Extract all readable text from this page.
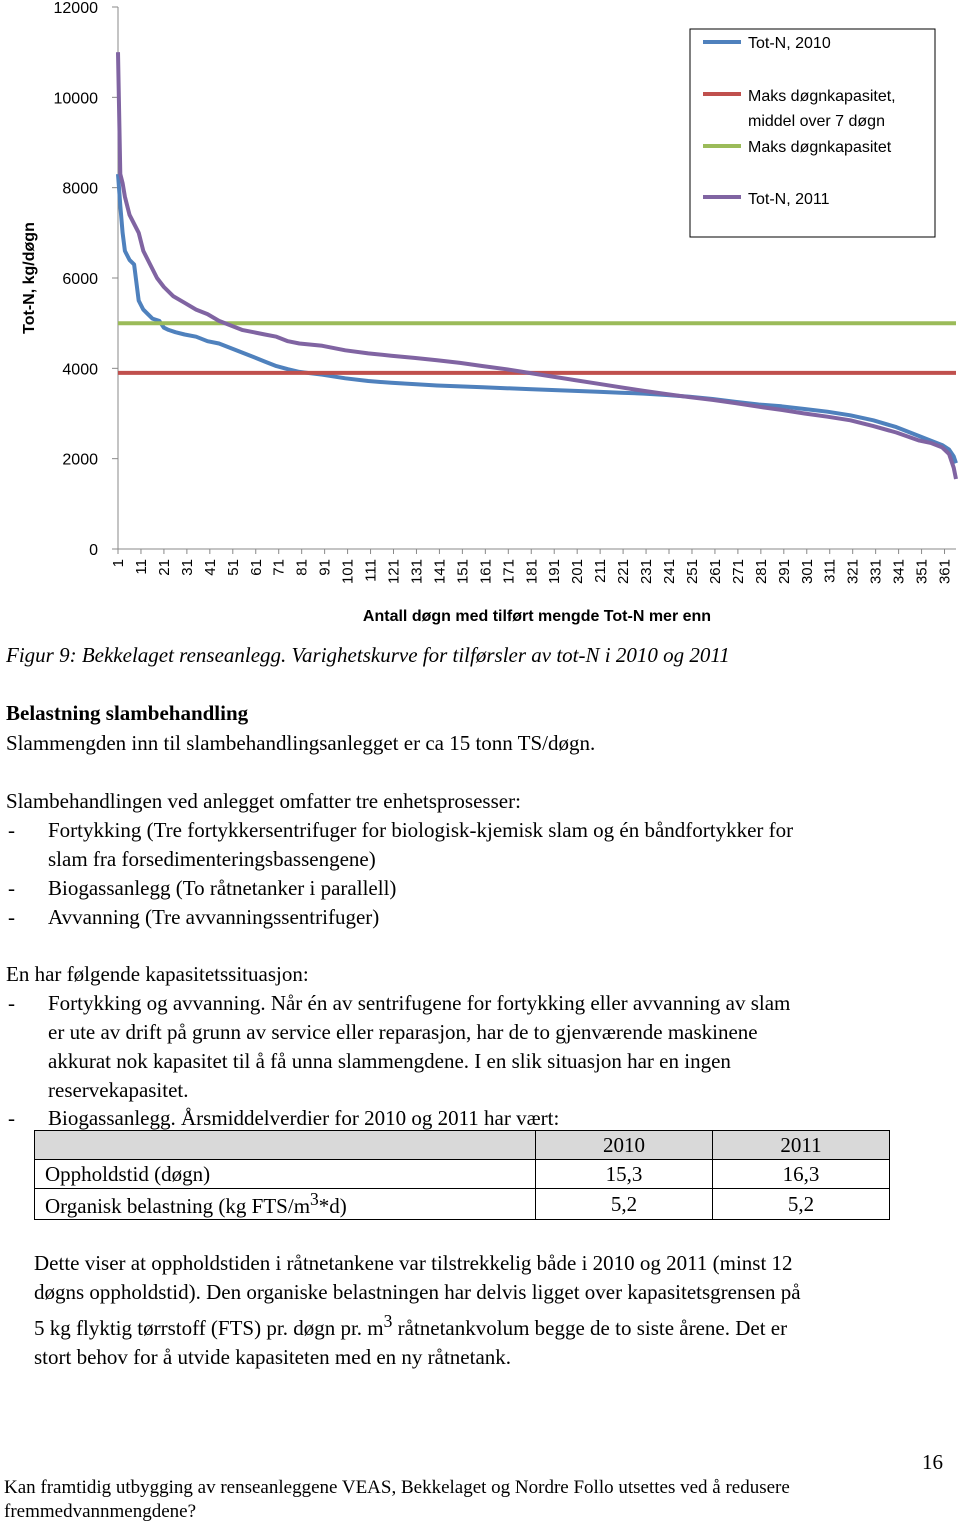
0
2000
4000
6000
8000
10000
12000
1 11 21 31 41 51 61 71 81 91 101 111 121 131 141 151 161 171 181 191 201 211 221 231 241 251 261 271 281 291 301 311 321 331 341 351 361
Tot-N, kg/døgn
Antall døgn med tilført mengde Tot-N mer enn
Tot-N, 2010
Maks døgnkapasitet,
middel over 7 døgn
Maks døgnkapasitet
Tot-N, 2011
Figur 9: Bekkelaget renseanlegg. Varighetskurve for tilførsler av tot-N i 2010 og 2011
Belastning slambehandling
Slammengden inn til slambehandlingsanlegget er ca 15 tonn TS/døgn.
Slambehandlingen ved anlegget omfatter tre enhetsprosesser:
- Fortykking (Tre fortykkersentrifuger for biologisk-kjemisk slam og én båndfortykker for
slam fra forsedimenteringsbassengene)
- Biogassanlegg (To råtnetanker i parallell)
- Avvanning (Tre avvanningssentrifuger)
En har følgende kapasitetssituasjon:
- Fortykking og avvanning. Når én av sentrifugene for fortykking eller avvanning av slam
er ute av drift på grunn av service eller reparasjon, har de to gjenværende maskinene
akkurat nok kapasitet til å få unna slammengdene. I en slik situasjon har en ingen
reservekapasitet.
- Biogassanlegg. Årsmiddelverdier for 2010 og 2011 har vært:
	2010	2011
Oppholdstid (døgn)	15,3	16,3
Organisk belastning (kg FTS/$m^3*d$)	5,2	5,2
Dette viser at oppholdstiden i råtnetankene var tilstrekkelig både i 2010 og 2011 (minst 12
døgns oppholdstid). Den organiske belastningen har delvis ligget over kapasitetsgrensen på
5 kg flyktig tørrstoff (FTS) pr. døgn pr. $m^3$ råtnetankvolum begge de to siste årene. Det er
stort behov for å utvide kapasiteten med en ny råtnetank.
16
Kan framtidig utbygging av renseanleggene VEAS, Bekkelaget og Nordre Follo utsettes ved å redusere
fremmedvannmengdene?
